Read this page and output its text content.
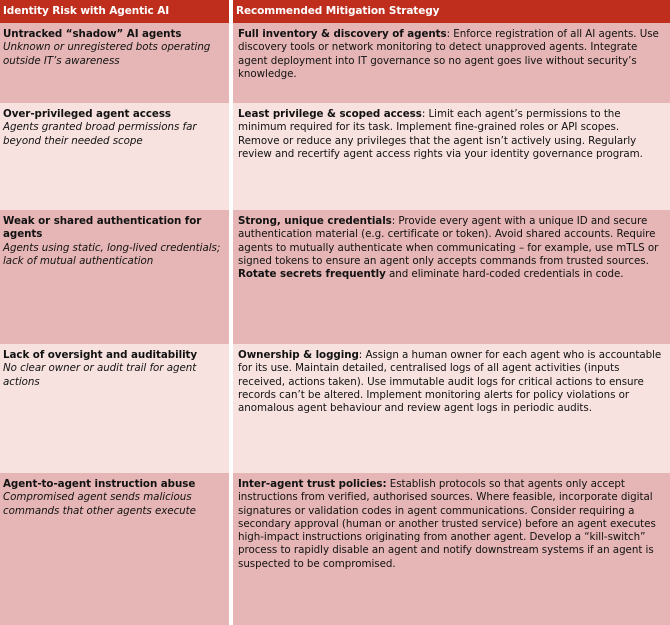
Identity Risk with Agentic AI		Recommended Mitigation Strategy

Untracked “shadow” AI agents
Unknown or unregistered bots operating outside IT’s awareness		Full inventory & discovery of agents: Enforce registration of all AI agents. Use discovery tools or network monitoring to detect unapproved agents. Integrate agent deployment into IT governance so no agent goes live without security’s knowledge.

Over-privileged agent access
Agents granted broad permissions far beyond their needed scope		Least privilege & scoped access: Limit each agent’s permissions to the minimum required for its task. Implement fine-grained roles or API scopes. Remove or reduce any privileges that the agent isn’t actively using. Regularly review and recertify agent access rights via your identity governance program.

Weak or shared authentication for agents
Agents using static, long-lived credentials; lack of mutual authentication		Strong, unique credentials: Provide every agent with a unique ID and secure authentication material (e.g. certificate or token). Avoid shared accounts. Require agents to mutually authenticate when communicating – for example, use mTLS or signed tokens to ensure an agent only accepts commands from trusted sources. Rotate secrets frequently and eliminate hard-coded credentials in code.

Lack of oversight and auditability
No clear owner or audit trail for agent actions		Ownership & logging: Assign a human owner for each agent who is accountable for its use. Maintain detailed, centralised logs of all agent activities (inputs received, actions taken). Use immutable audit logs for critical actions to ensure records can’t be altered. Implement monitoring alerts for policy violations or anomalous agent behaviour and review agent logs in periodic audits.

Agent-to-agent instruction abuse
Compromised agent sends malicious commands that other agents execute		Inter-agent trust policies: Establish protocols so that agents only accept instructions from verified, authorised sources. Where feasible, incorporate digital signatures or validation codes in agent communications. Consider requiring a secondary approval (human or another trusted service) before an agent executes high-impact instructions originating from another agent. Develop a “kill-switch” process to rapidly disable an agent and notify downstream systems if an agent is suspected to be compromised.
